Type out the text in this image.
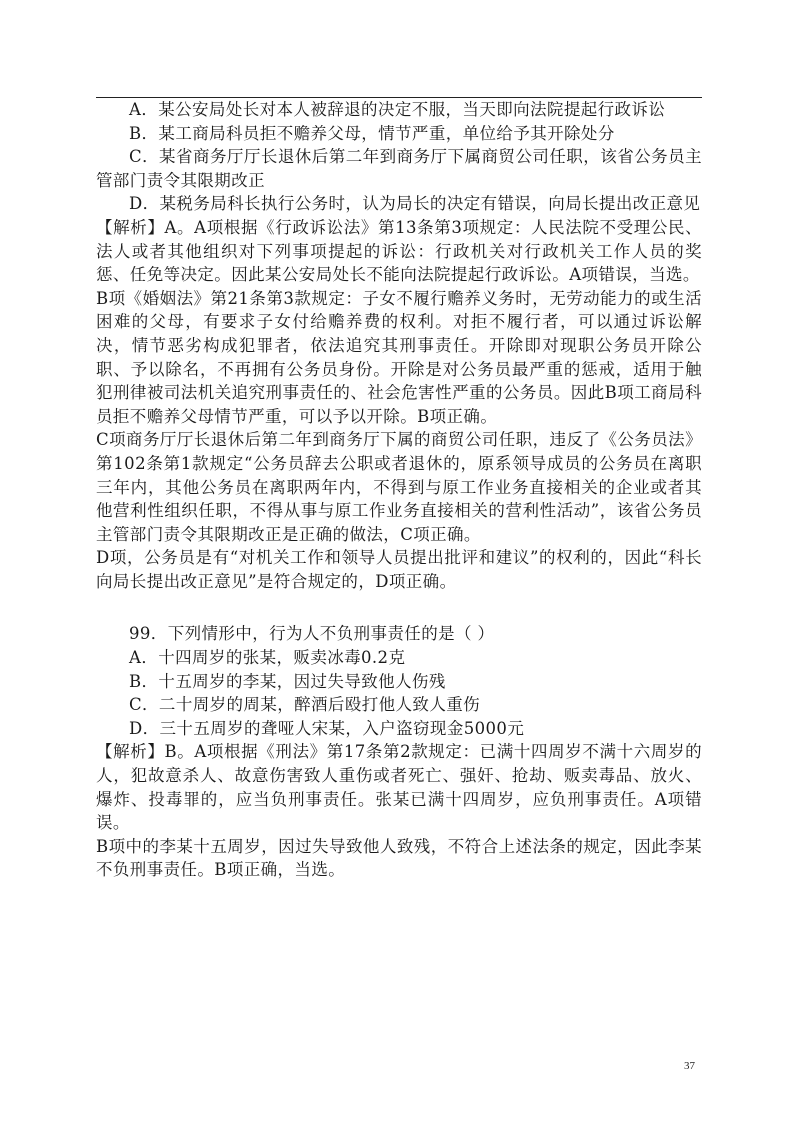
A．某公安局处长对本人被辞退的决定不服，当天即向法院提起行政诉讼

B．某工商局科员拒不赡养父母，情节严重，单位给予其开除处分

C．某省商务厅厅长退休后第二年到商务厅下属商贸公司任职，该省公务员主管部门责令其限期改正

D．某税务局科长执行公务时，认为局长的决定有错误，向局长提出改正意见

【解析】A。A项根据《行政诉讼法》第13条第3项规定：人民法院不受理公民、法人或者其他组织对下列事项提起的诉讼：行政机关对行政机关工作人员的奖惩、任免等决定。因此某公安局处长不能向法院提起行政诉讼。A项错误，当选。

B项《婚姻法》第21条第3款规定：子女不履行赡养义务时，无劳动能力的或生活困难的父母，有要求子女付给赡养费的权利。对拒不履行者，可以通过诉讼解决，情节恶劣构成犯罪者，依法追究其刑事责任。开除即对现职公务员开除公职、予以除名，不再拥有公务员身份。开除是对公务员最严重的惩戒，适用于触犯刑律被司法机关追究刑事责任的、社会危害性严重的公务员。因此B项工商局科员拒不赡养父母情节严重，可以予以开除。B项正确。

C项商务厅厅长退休后第二年到商务厅下属的商贸公司任职，违反了《公务员法》第102条第1款规定“公务员辞去公职或者退休的，原系领导成员的公务员在离职三年内，其他公务员在离职两年内，不得到与原工作业务直接相关的企业或者其他营利性组织任职，不得从事与原工作业务直接相关的营利性活动”，该省公务员主管部门责令其限期改正是正确的做法，C项正确。

D项，公务员是有“对机关工作和领导人员提出批评和建议”的权利的，因此“科长向局长提出改正意见”是符合规定的，D项正确。

99．下列情形中，行为人不负刑事责任的是（ ）

A．十四周岁的张某，贩卖冰毒0.2克

B．十五周岁的李某，因过失导致他人伤残

C．二十周岁的周某，醉酒后殴打他人致人重伤

D．三十五周岁的聋哑人宋某，入户盗窃现金5000元

【解析】B。A项根据《刑法》第17条第2款规定：已满十四周岁不满十六周岁的人，犯故意杀人、故意伤害致人重伤或者死亡、强奸、抢劫、贩卖毒品、放火、爆炸、投毒罪的，应当负刑事责任。张某已满十四周岁，应负刑事责任。A项错误。

B项中的李某十五周岁，因过失导致他人致残，不符合上述法条的规定，因此李某不负刑事责任。B项正确，当选。

37
